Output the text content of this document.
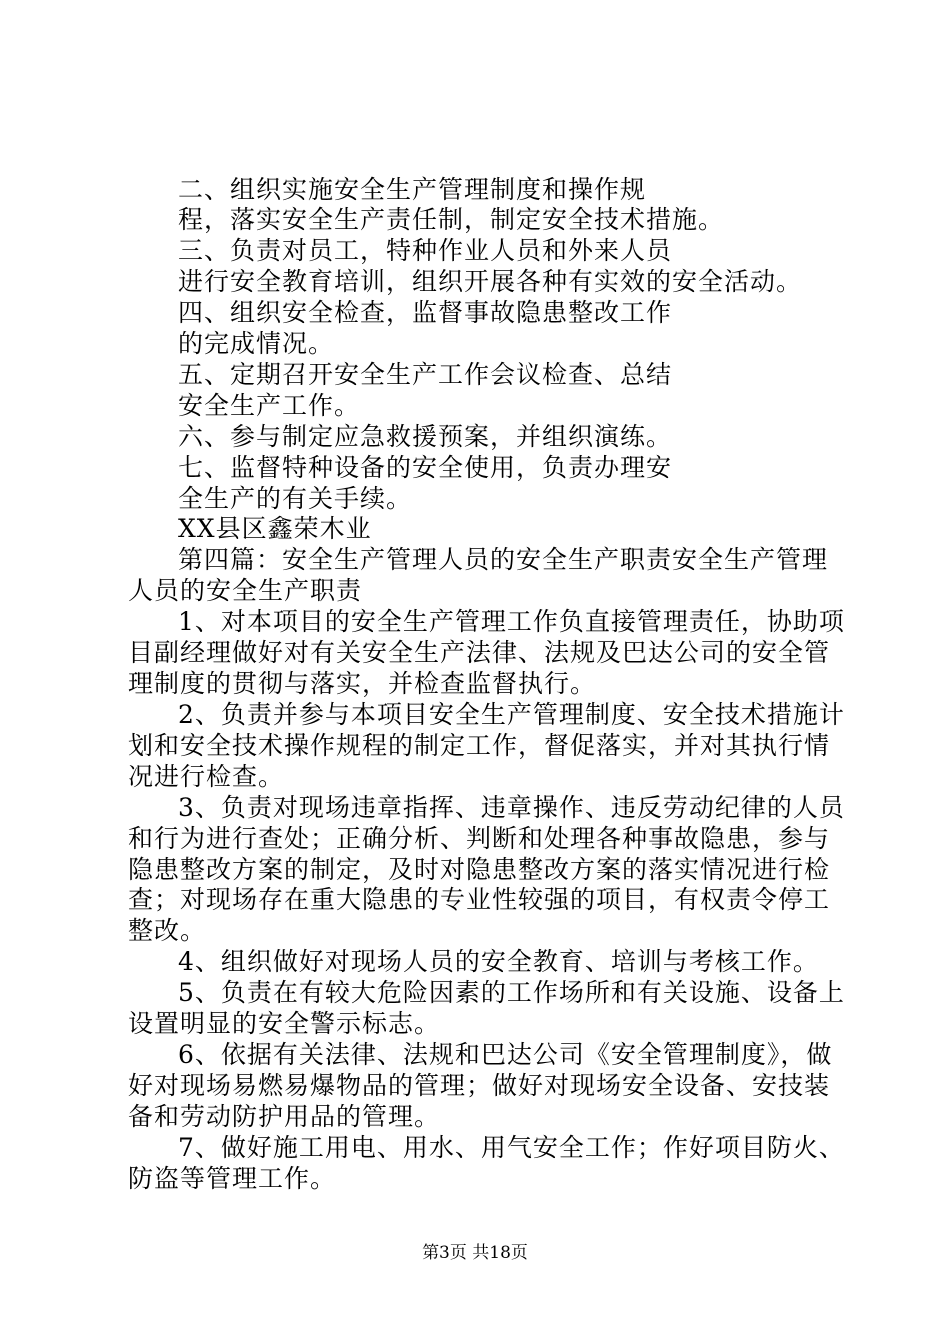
二、组织实施安全生产管理制度和操作规
程，落实安全生产责任制，制定安全技术措施。
三、负责对员工，特种作业人员和外来人员
进行安全教育培训，组织开展各种有实效的安全活动。
四、组织安全检查，监督事故隐患整改工作
的完成情况。
五、定期召开安全生产工作会议检查、总结
安全生产工作。
六、参与制定应急救援预案，并组织演练。
七、监督特种设备的安全使用，负责办理安
全生产的有关手续。
XX县区鑫荣木业
第四篇：安全生产管理人员的安全生产职责安全生产管理
人员的安全生产职责
1、对本项目的安全生产管理工作负直接管理责任，协助项
目副经理做好对有关安全生产法律、法规及巴达公司的安全管
理制度的贯彻与落实，并检查监督执行。
2、负责并参与本项目安全生产管理制度、安全技术措施计
划和安全技术操作规程的制定工作，督促落实，并对其执行情
况进行检查。
3、负责对现场违章指挥、违章操作、违反劳动纪律的人员
和行为进行查处；正确分析、判断和处理各种事故隐患，参与
隐患整改方案的制定，及时对隐患整改方案的落实情况进行检
查；对现场存在重大隐患的专业性较强的项目，有权责令停工
整改。
4、组织做好对现场人员的安全教育、培训与考核工作。
5、负责在有较大危险因素的工作场所和有关设施、设备上
设置明显的安全警示标志。
6、依据有关法律、法规和巴达公司《安全管理制度》，做
好对现场易燃易爆物品的管理；做好对现场安全设备、安技装
备和劳动防护用品的管理。
7、做好施工用电、用水、用气安全工作；作好项目防火、
防盗等管理工作。
第3页 共18页
